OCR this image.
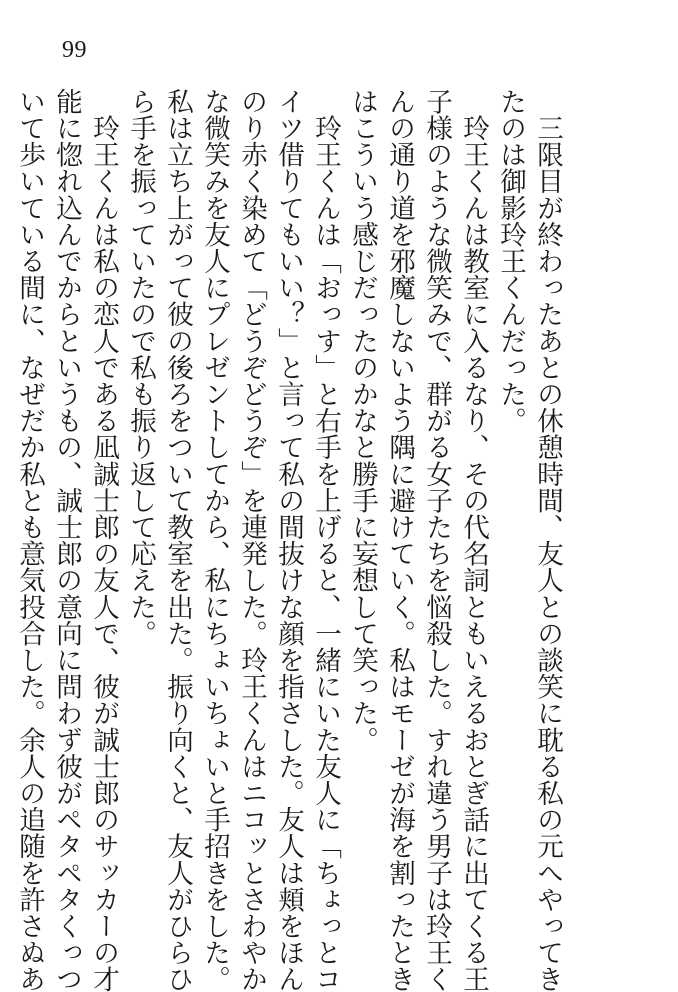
99
　三限目が終わったあとの休憩時間、友人との談笑に耽る私の元へやってき
たのは御影玲王くんだった。
　玲王くんは教室に入るなり、その代名詞ともいえるおとぎ話に出てくる王
子様のような微笑みで、群がる女子たちを悩殺した。すれ違う男子は玲王く
んの通り道を邪魔しないよう隅に避けていく。私はモーゼが海を割ったとき
はこういう感じだったのかなと勝手に妄想して笑った。
　玲王くんは「おっす」と右手を上げると、一緒にいた友人に「ちょっとコ
イツ借りてもいい？」と言って私の間抜けな顔を指さした。友人は頬をほん
のり赤く染めて「どうぞどうぞ」を連発した。玲王くんはニコッとさわやか
な微笑みを友人にプレゼントしてから、私にちょいちょいと手招きをした。
私は立ち上がって彼の後ろをついて教室を出た。振り向くと、友人がひらひ
ら手を振っていたので私も振り返して応えた。
　玲王くんは私の恋人である凪誠士郎の友人で、彼が誠士郎のサッカーの才
能に惚れ込んでからというもの、誠士郎の意向に問わず彼がペタペタくっつ
いて歩いている間に、なぜだか私とも意気投合した。余人の追随を許さぬあ
